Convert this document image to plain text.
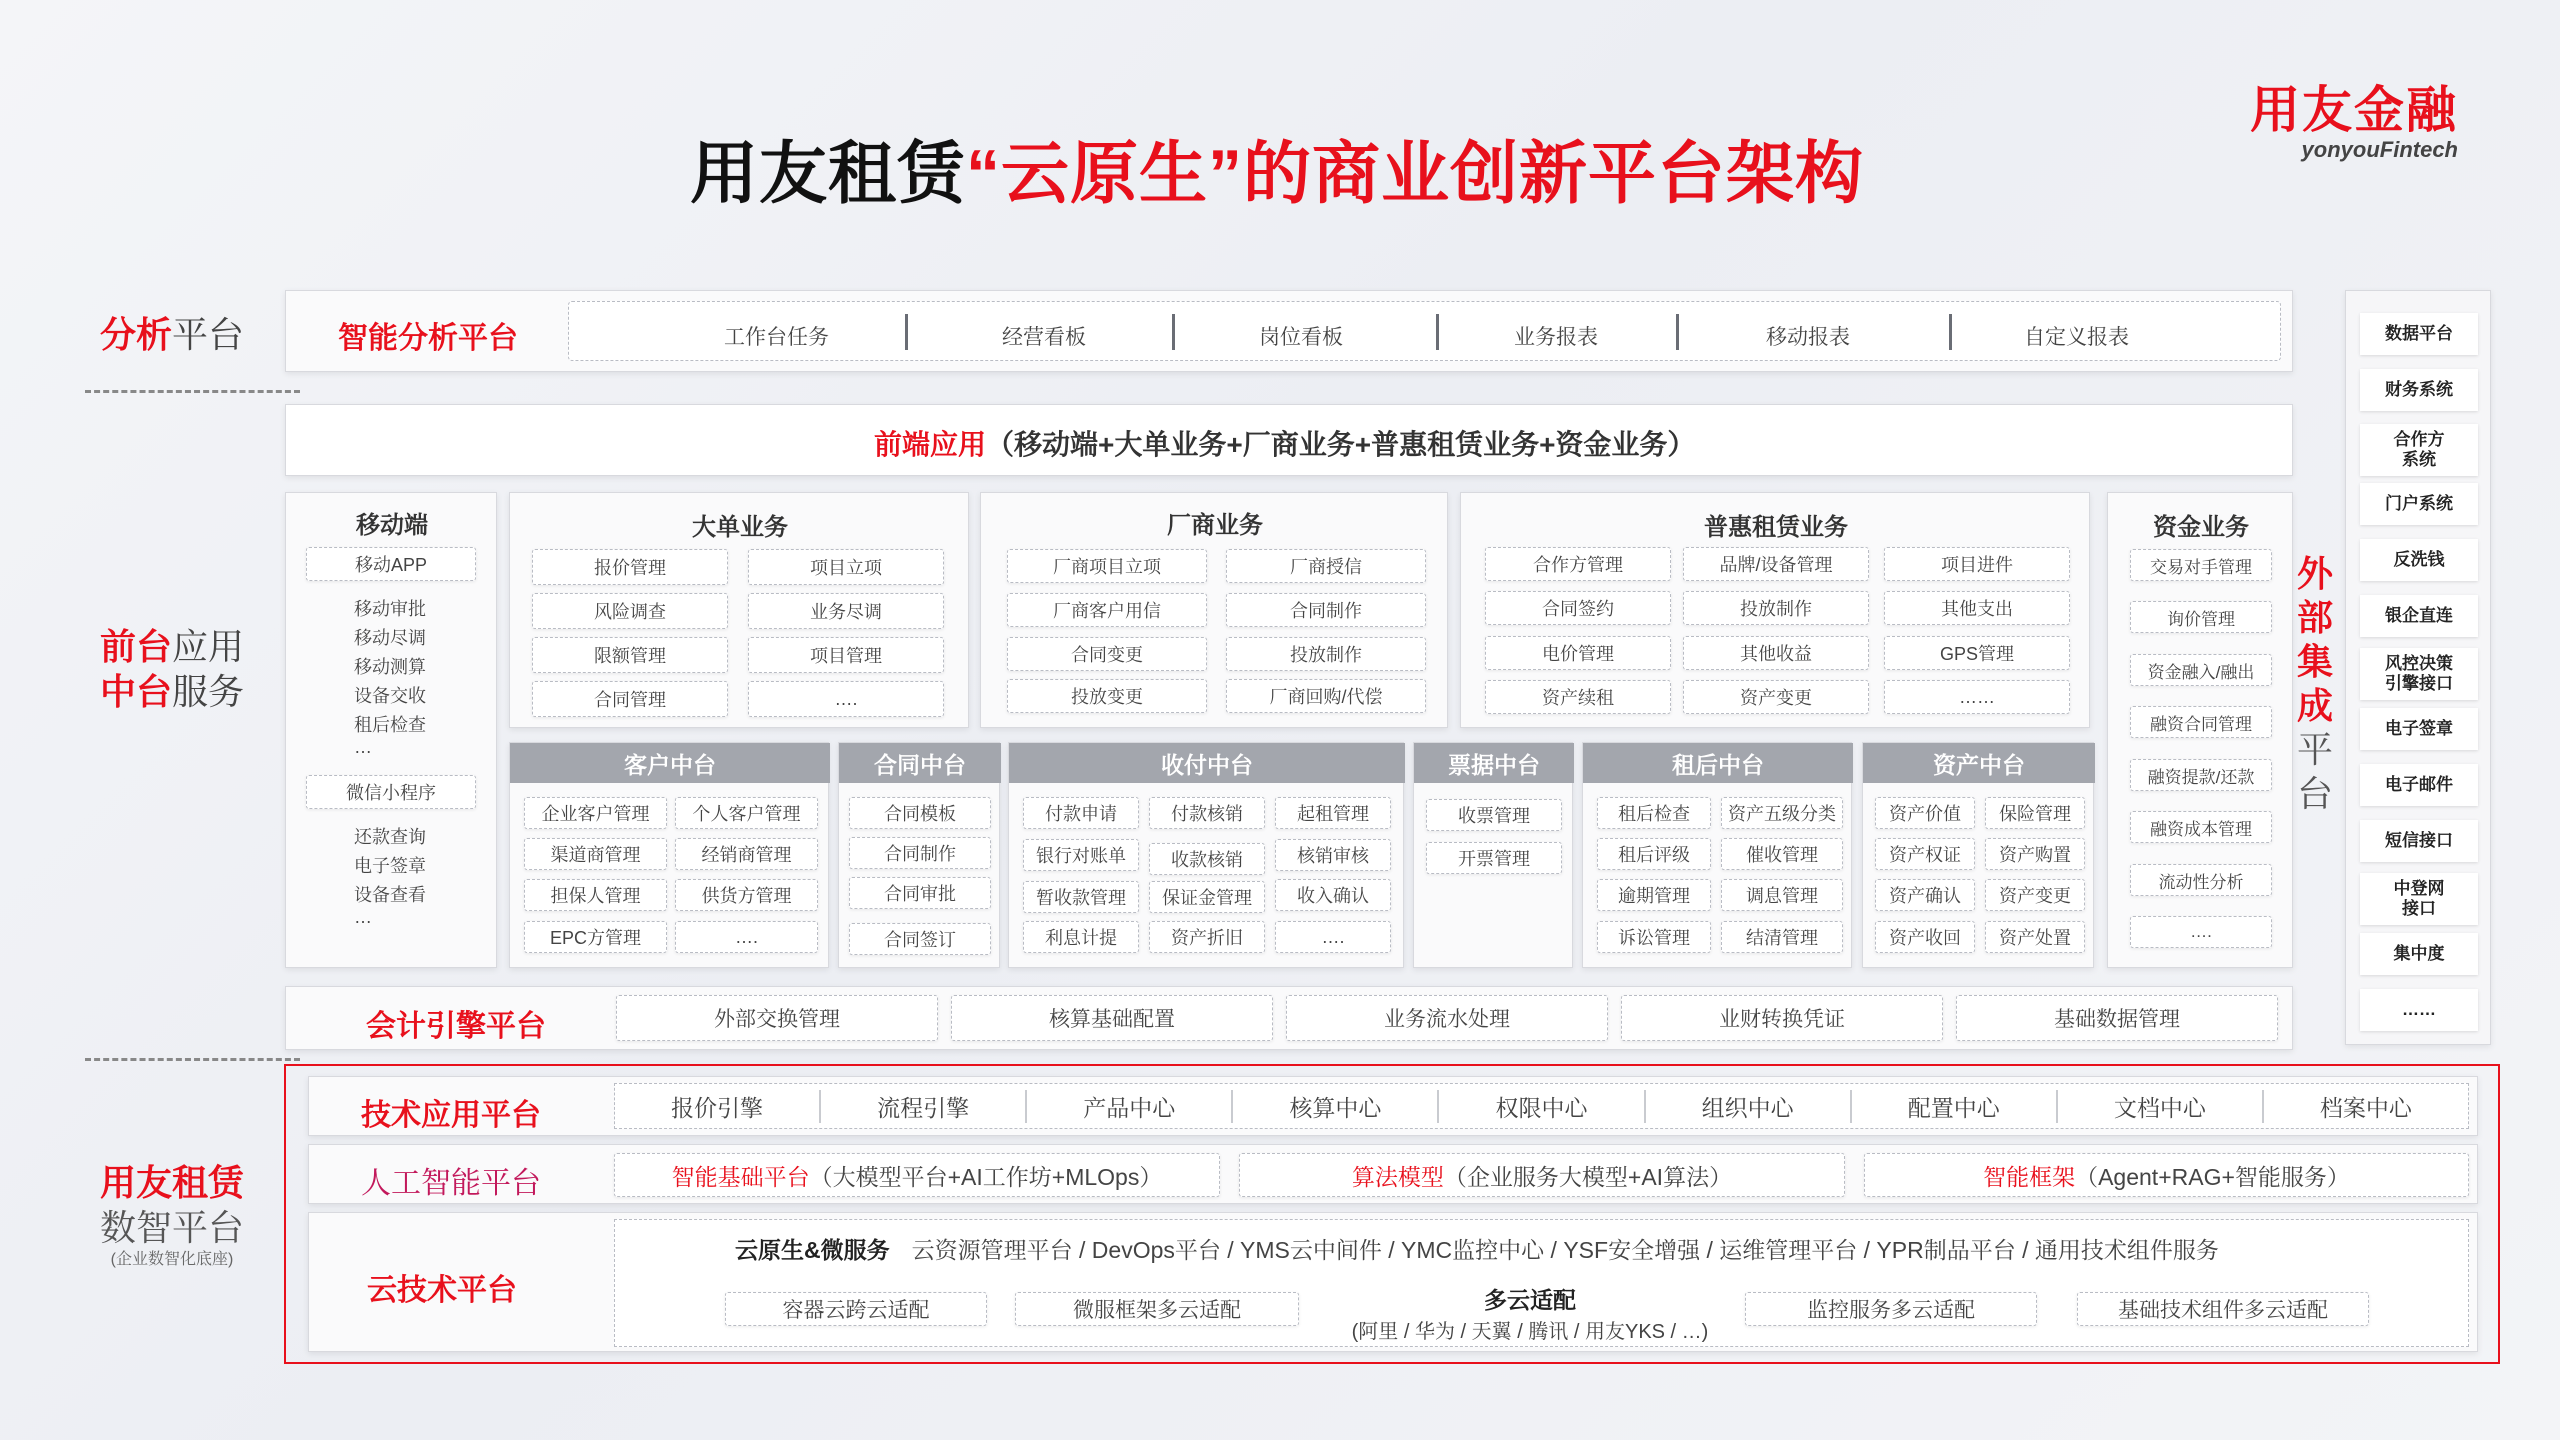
用友租赁“云原生”的商业创新平台架构
用友金融
yonyouFintech
分析平台
前台应用
中台服务
用友租赁
数智平台
(企业数智化底座)
智能分析平台	工作台任务	经营看板	岗位看板	业务报表	移动报表	自定义报表
前端应用（移动端+大单业务+厂商业务+普惠租赁业务+资金业务）
移动端
移动APP
移动审批
移动尽调
移动测算
设备交收
租后检查
…
微信小程序
还款查询
电子签章
设备查看
…
大单业务
报价管理	项目立项
风险调查	业务尽调
限额管理	项目管理
合同管理	….
厂商业务
厂商项目立项	厂商授信
厂商客户用信	合同制作
合同变更	投放制作
投放变更	厂商回购/代偿
普惠租赁业务
合作方管理	品牌/设备管理	项目进件
合同签约	投放制作	其他支出
电价管理	其他收益	GPS管理
资产续租	资产变更	……
资金业务
交易对手管理
询价管理
资金融入/融出
融资合同管理
融资提款/还款
融资成本管理
流动性分析
….
客户中台
企业客户管理	个人客户管理
渠道商管理	经销商管理
担保人管理	供货方管理
EPC方管理	….
合同中台
合同模板
合同制作
合同审批
合同签订
收付中台
付款申请	付款核销	起租管理
银行对账单	收款核销	核销审核
暂收款管理	保证金管理	收入确认
利息计提	资产折旧	….
票据中台
收票管理
开票管理
租后中台
租后检查	资产五级分类
租后评级	催收管理
逾期管理	调息管理
诉讼管理	结清管理
资产中台
资产价值	保险管理
资产权证	资产购置
资产确认	资产变更
资产收回	资产处置
外
部
集
成
平
台
数据平台
财务系统
合作方
系统
门户系统
反洗钱
银企直连
风控决策
引擎接口
电子签章
电子邮件
短信接口
中登网
接口
集中度
……
会计引擎平台	外部交换管理	核算基础配置	业务流水处理	业财转换凭证	基础数据管理
技术应用平台	报价引擎	流程引擎	产品中心	核算中心	权限中心	组织中心	配置中心	文档中心	档案中心
人工智能平台	智能基础平台 （大模型平台+AI工作坊+MLOps）	算法模型 （企业服务大模型+AI算法）	智能框架 （Agent+RAG+智能服务）
云技术平台
云原生&微服务 云资源管理平台 / DevOps平台 / YMS云中间件 / YMC监控中心 / YSF安全增强 / 运维管理平台 / YPR制品平台 / 通用技术组件服务
容器云跨云适配	微服框架多云适配	多云适配
(阿里 / 华为 / 天翼 / 腾讯 / 用友YKS / …)
监控服务多云适配	基础技术组件多云适配
